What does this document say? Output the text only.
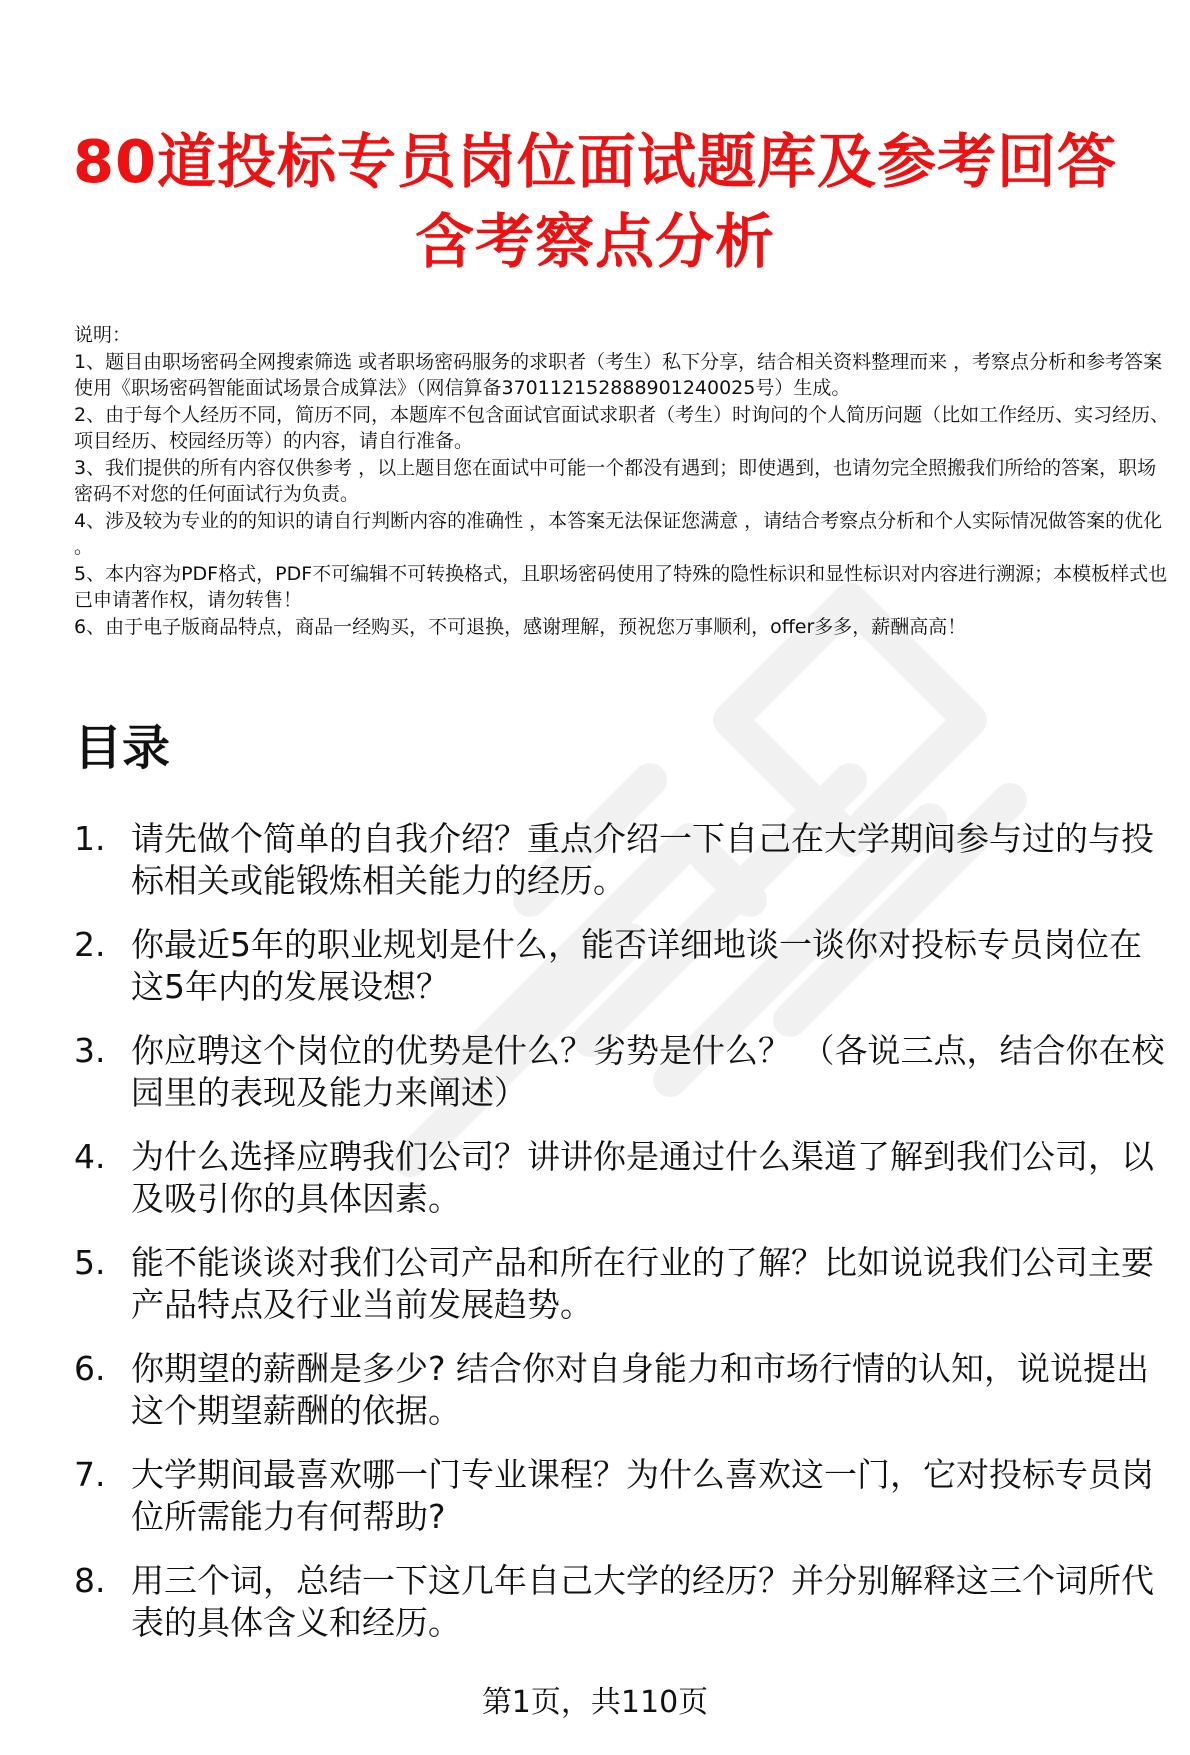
80道投标专员岗位面试题库及参考回答含考察点分析
说明：
1、题目由职场密码全网搜索筛选 或者职场密码服务的求职者（考生）私下分享，结合相关资料整理而来 ，考察点分析和参考答案使用《职场密码智能面试场景合成算法》（网信算备370112152888901240025号）生成。
2、由于每个人经历不同，简历不同，本题库不包含面试官面试求职者（考生）时询问的个人简历问题（比如工作经历、实习经历、项目经历、校园经历等）的内容，请自行准备。
3、我们提供的所有内容仅供参考 ，以上题目您在面试中可能一个都没有遇到；即使遇到，也请勿完全照搬我们所给的答案，职场密码不对您的任何面试行为负责。
4、涉及较为专业的的知识的请自行判断内容的准确性 ，本答案无法保证您满意 ，请结合考察点分析和个人实际情况做答案的优化 。
5、本内容为PDF格式，PDF不可编辑不可转换格式，且职场密码使用了特殊的隐性标识和显性标识对内容进行溯源；本模板样式也已申请著作权，请勿转售！
6、由于电子版商品特点，商品一经购买，不可退换，感谢理解，预祝您万事顺利，offer多多，薪酬高高！
目录
1. 请先做个简单的自我介绍？重点介绍一下自己在大学期间参与过的与投标相关或能锻炼相关能力的经历。
2. 你最近5年的职业规划是什么，能否详细地谈一谈你对投标专员岗位在这5年内的发展设想？
3. 你应聘这个岗位的优势是什么？劣势是什么？ （各说三点，结合你在校园里的表现及能力来阐述）
4. 为什么选择应聘我们公司？讲讲你是通过什么渠道了解到我们公司，以及吸引你的具体因素。
5. 能不能谈谈对我们公司产品和所在行业的了解？比如说说我们公司主要产品特点及行业当前发展趋势。
6. 你期望的薪酬是多少? 结合你对自身能力和市场行情的认知，说说提出这个期望薪酬的依据。
7. 大学期间最喜欢哪一门专业课程？为什么喜欢这一门，它对投标专员岗位所需能力有何帮助?
8. 用三个词，总结一下这几年自己大学的经历？并分别解释这三个词所代表的具体含义和经历。
第1页，共110页
